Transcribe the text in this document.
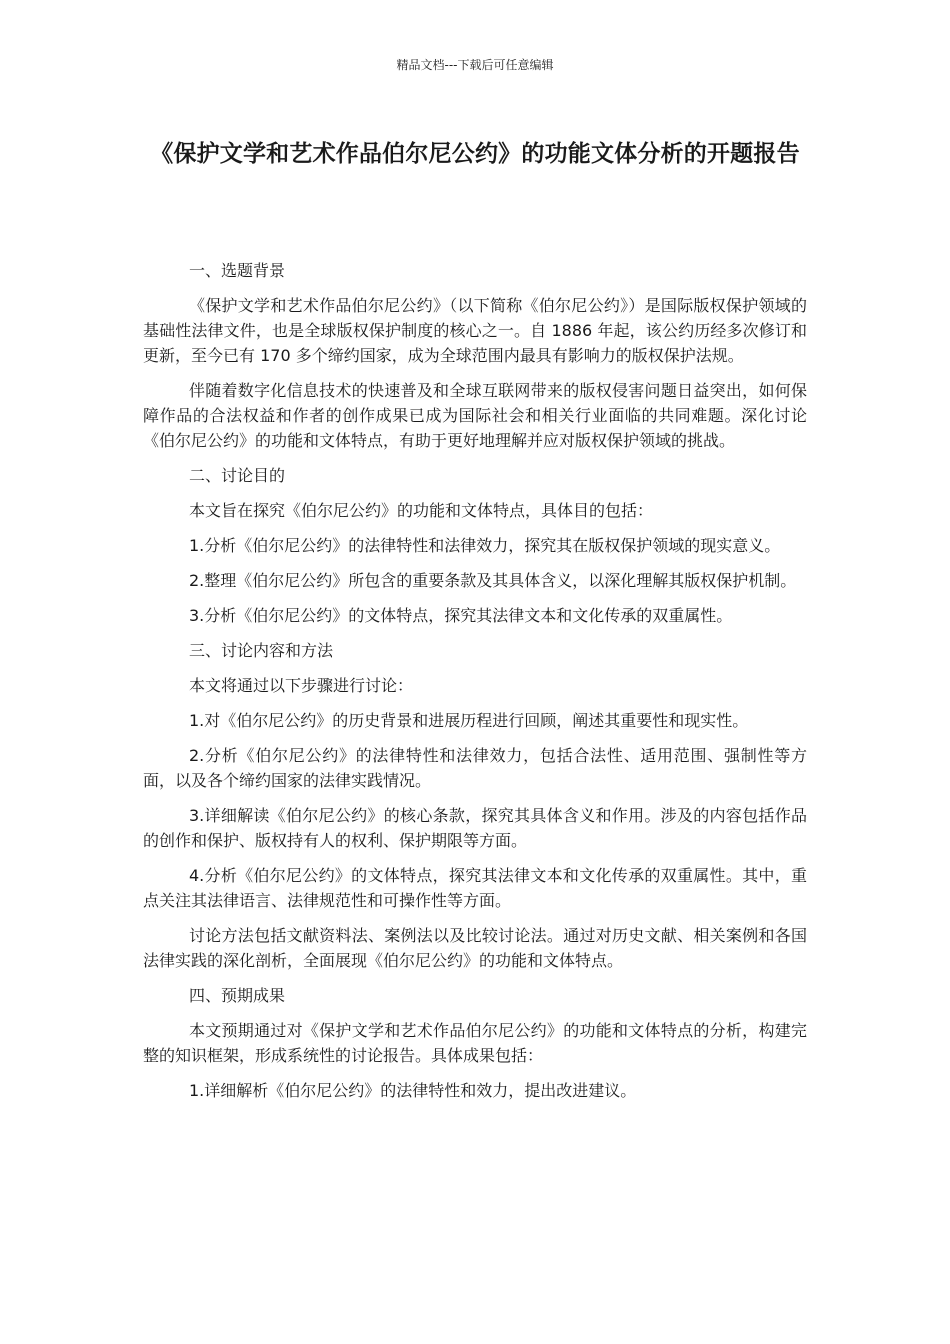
精品文档---下载后可任意编辑
《保护文学和艺术作品伯尔尼公约》的功能文体分析的开题报告

一、选题背景

《保护文学和艺术作品伯尔尼公约》（以下简称《伯尔尼公约》）是国际版权保护领域的基础性法律文件，也是全球版权保护制度的核心之一。自 1886 年起，该公约历经多次修订和更新，至今已有 170 多个缔约国家，成为全球范围内最具有影响力的版权保护法规。

伴随着数字化信息技术的快速普及和全球互联网带来的版权侵害问题日益突出，如何保障作品的合法权益和作者的创作成果已成为国际社会和相关行业面临的共同难题。深化讨论《伯尔尼公约》的功能和文体特点，有助于更好地理解并应对版权保护领域的挑战。

二、讨论目的

本文旨在探究《伯尔尼公约》的功能和文体特点，具体目的包括：

1.分析《伯尔尼公约》的法律特性和法律效力，探究其在版权保护领域的现实意义。

2.整理《伯尔尼公约》所包含的重要条款及其具体含义，以深化理解其版权保护机制。

3.分析《伯尔尼公约》的文体特点，探究其法律文本和文化传承的双重属性。

三、讨论内容和方法

本文将通过以下步骤进行讨论：

1.对《伯尔尼公约》的历史背景和进展历程进行回顾，阐述其重要性和现实性。

2.分析《伯尔尼公约》的法律特性和法律效力，包括合法性、适用范围、强制性等方面，以及各个缔约国家的法律实践情况。

3.详细解读《伯尔尼公约》的核心条款，探究其具体含义和作用。涉及的内容包括作品的创作和保护、版权持有人的权利、保护期限等方面。

4.分析《伯尔尼公约》的文体特点，探究其法律文本和文化传承的双重属性。其中，重点关注其法律语言、法律规范性和可操作性等方面。

讨论方法包括文献资料法、案例法以及比较讨论法。通过对历史文献、相关案例和各国法律实践的深化剖析，全面展现《伯尔尼公约》的功能和文体特点。

四、预期成果

本文预期通过对《保护文学和艺术作品伯尔尼公约》的功能和文体特点的分析，构建完整的知识框架，形成系统性的讨论报告。具体成果包括：

1.详细解析《伯尔尼公约》的法律特性和效力，提出改进建议。
